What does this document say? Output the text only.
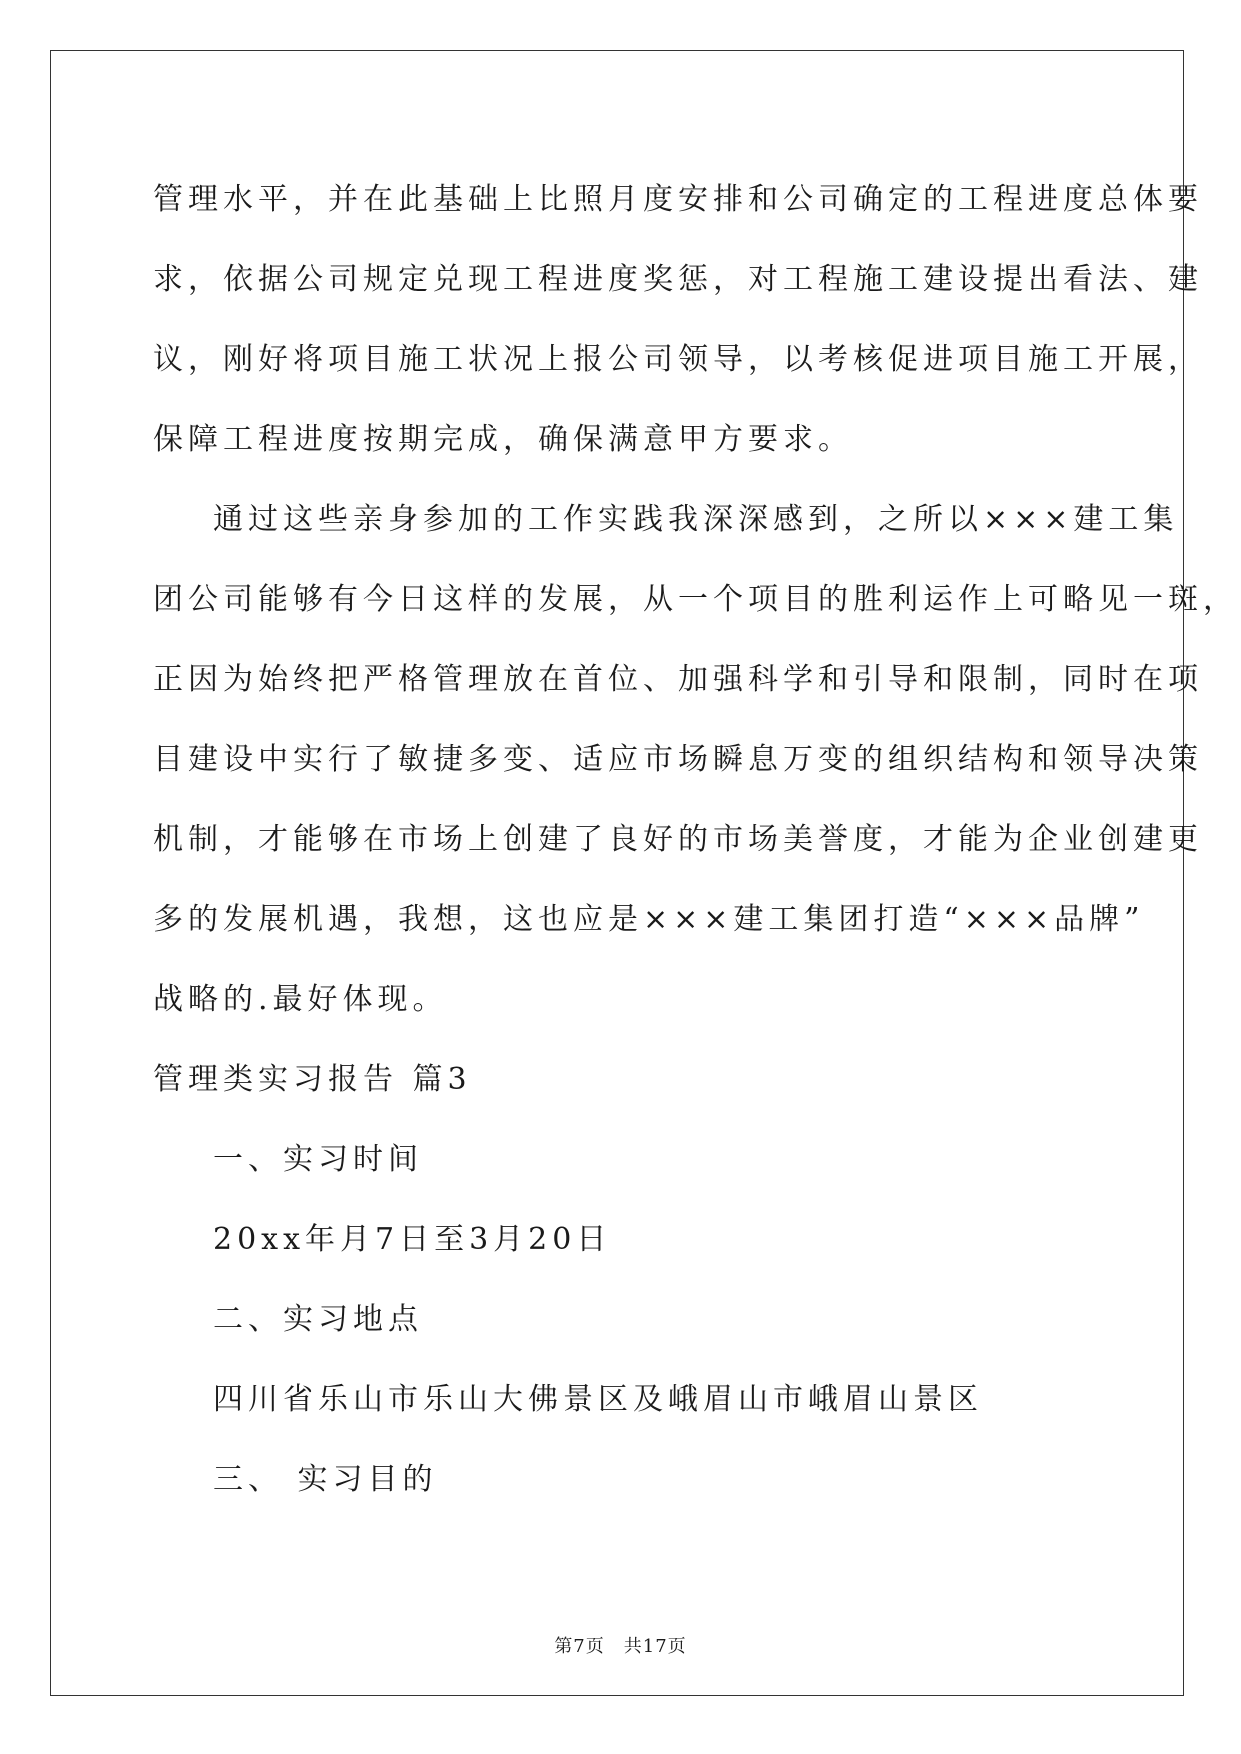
管理水平，并在此基础上比照月度安排和公司确定的工程进度总体要

求，依据公司规定兑现工程进度奖惩，对工程施工建设提出看法、建

议，刚好将项目施工状况上报公司领导，以考核促进项目施工开展，

保障工程进度按期完成，确保满意甲方要求。

通过这些亲身参加的工作实践我深深感到，之所以×××建工集

团公司能够有今日这样的发展，从一个项目的胜利运作上可略见一斑，

正因为始终把严格管理放在首位、加强科学和引导和限制，同时在项

目建设中实行了敏捷多变、适应市场瞬息万变的组织结构和领导决策

机制，才能够在市场上创建了良好的市场美誉度，才能为企业创建更

多的发展机遇，我想，这也应是×××建工集团打造“×××品牌”

战略的.最好体现。

管理类实习报告 篇3

一、实习时间

20xx年月7日至3月20日

二、实习地点

四川省乐山市乐山大佛景区及峨眉山市峨眉山景区

三、 实习目的

第7页　共17页
